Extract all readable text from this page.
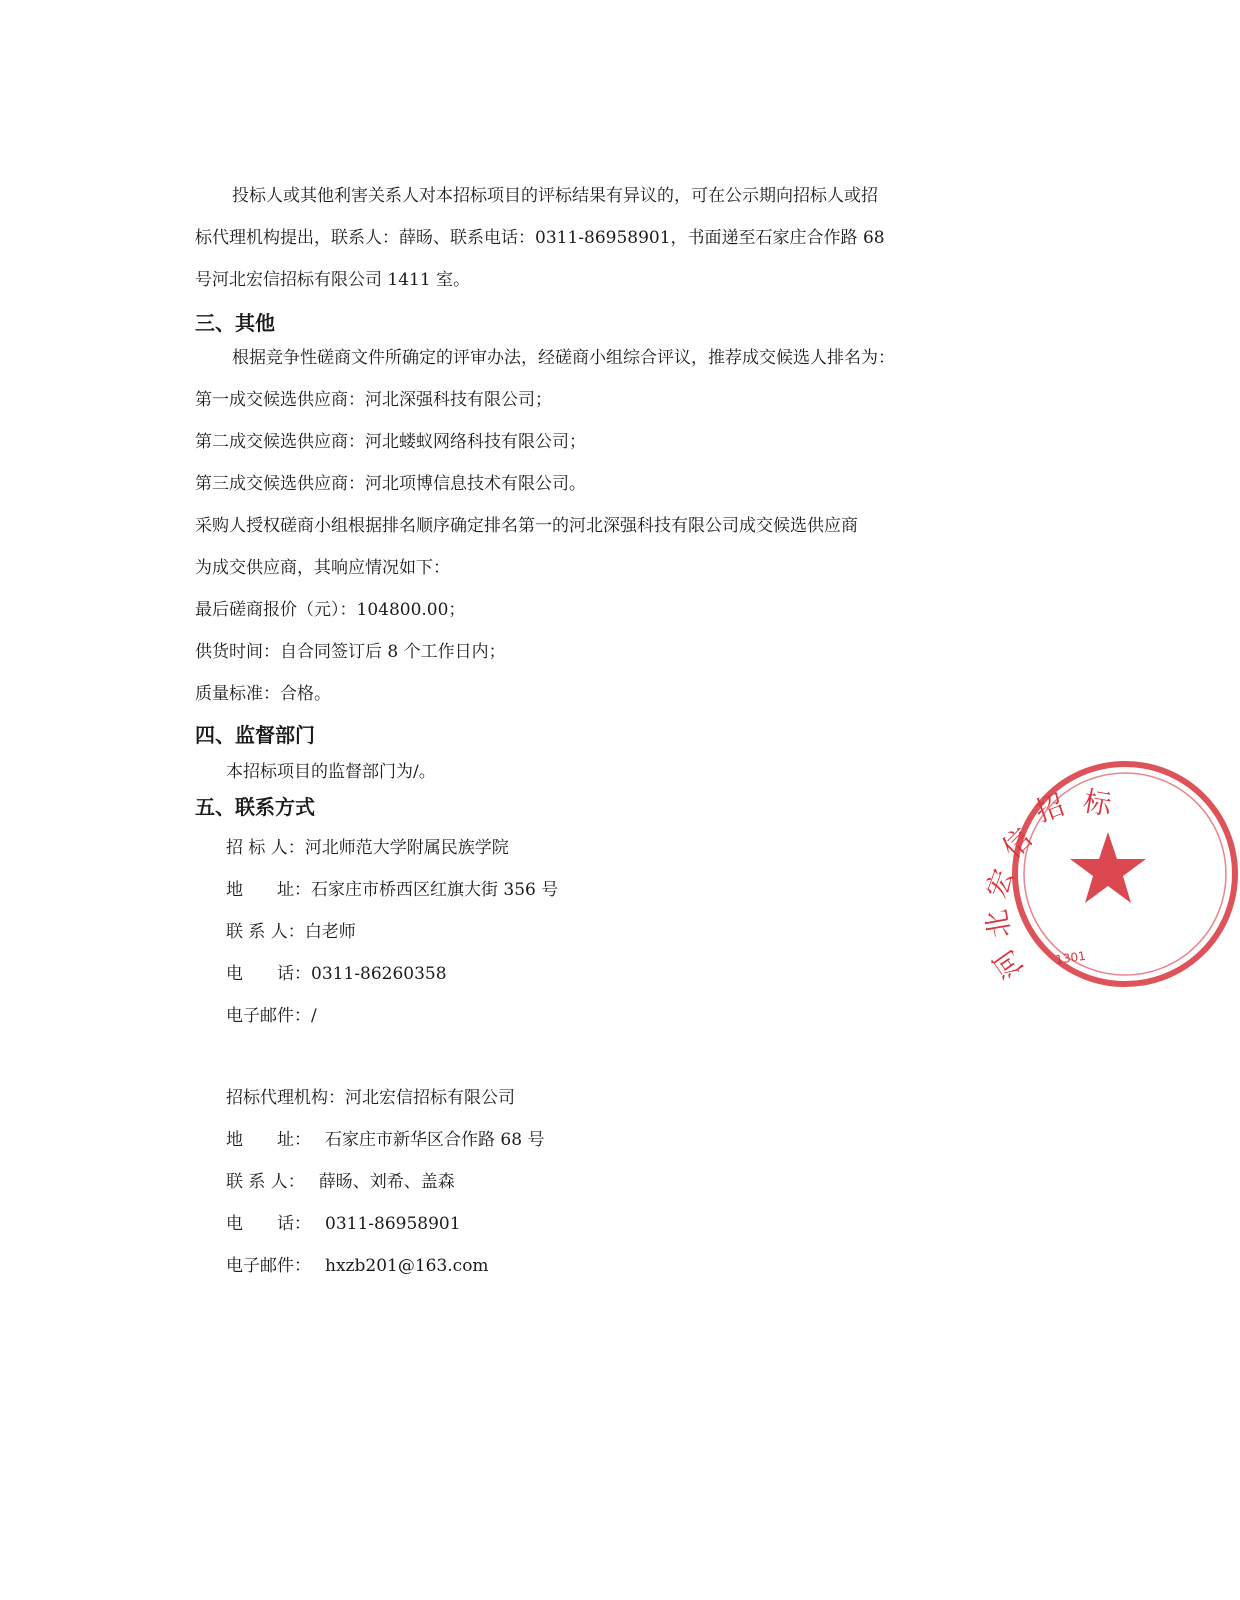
投标人或其他利害关系人对本招标项目的评标结果有异议的，可在公示期向招标人或招
标代理机构提出，联系人：薛旸、联系电话：0311-86958901，书面递至石家庄合作路 68
号河北宏信招标有限公司 1411 室。
三、其他
根据竞争性磋商文件所确定的评审办法，经磋商小组综合评议，推荐成交候选人排名为：
第一成交候选供应商：河北深强科技有限公司；
第二成交候选供应商：河北蝼蚁网络科技有限公司；
第三成交候选供应商：河北项博信息技术有限公司。
采购人授权磋商小组根据排名顺序确定排名第一的河北深强科技有限公司成交候选供应商
为成交供应商，其响应情况如下：
最后磋商报价（元）：104800.00；
供货时间：自合同签订后 8 个工作日内；
质量标准：合格。
四、监督部门
本招标项目的监督部门为/。
五、联系方式
招 标 人：河北师范大学附属民族学院
地　　址：石家庄市桥西区红旗大街 356 号
联 系 人：白老师
电　　话：0311-86260358
电子邮件：/
招标代理机构：河北宏信招标有限公司
地　　址： 石家庄市新华区合作路 68 号
联 系 人： 薛旸、刘希、盖森
电　　话： 0311-86958901
电子邮件： hxzb201@163.com
标
招
信
宏
北
河 1301
